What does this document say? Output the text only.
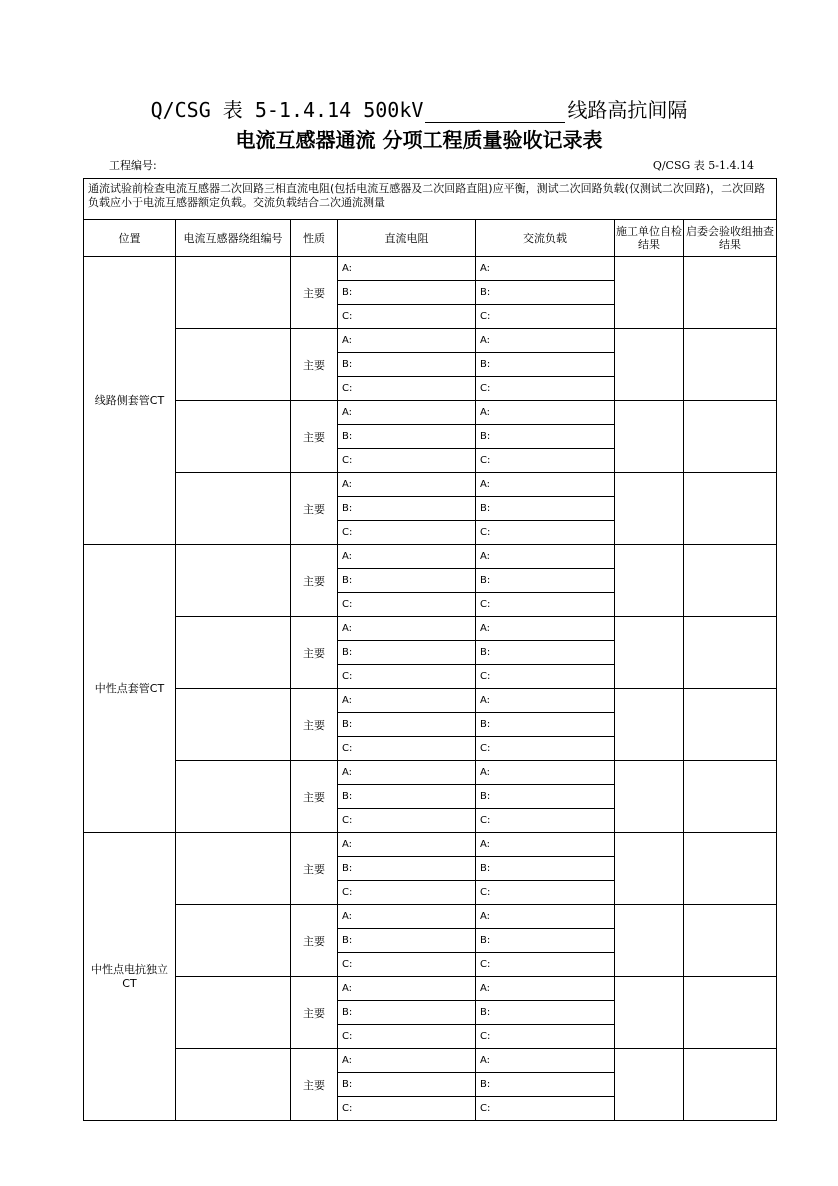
Q/CSG 表 5-1.4.14 500kV	线路高抗间隔
电流互感器通流 分项工程质量验收记录表
工程编号:	Q/CSG 表 5-1.4.14
通流试验前检查电流互感器二次回路三相直流电阻(包括电流互感器及二次回路直阻)应平衡，测试二次回路负载(仅测试二次回路)，二次回路负载应小于电流互感器额定负载。交流负载结合二次通流测量						
位置	电流互感器绕组编号	性质	直流电阻	交流负载	施工单位自检结果	启委会验收组抽查结果
线路侧套管CT		主要	A:	A:		
			B:	B:		
			C:	C:		
		主要	A:	A:		
			B:	B:		
			C:	C:		
		主要	A:	A:		
			B:	B:		
			C:	C:		
		主要	A:	A:		
			B:	B:		
			C:	C:		
中性点套管CT		主要	A:	A:		
			B:	B:		
			C:	C:		
		主要	A:	A:		
			B:	B:		
			C:	C:		
		主要	A:	A:		
			B:	B:		
			C:	C:		
		主要	A:	A:		
			B:	B:		
			C:	C:		
中性点电抗独立CT		主要	A:	A:		
			B:	B:		
			C:	C:		
		主要	A:	A:		
			B:	B:		
			C:	C:		
		主要	A:	A:		
			B:	B:		
			C:	C:		
		主要	A:	A:		
			B:	B:		
			C:	C:		
